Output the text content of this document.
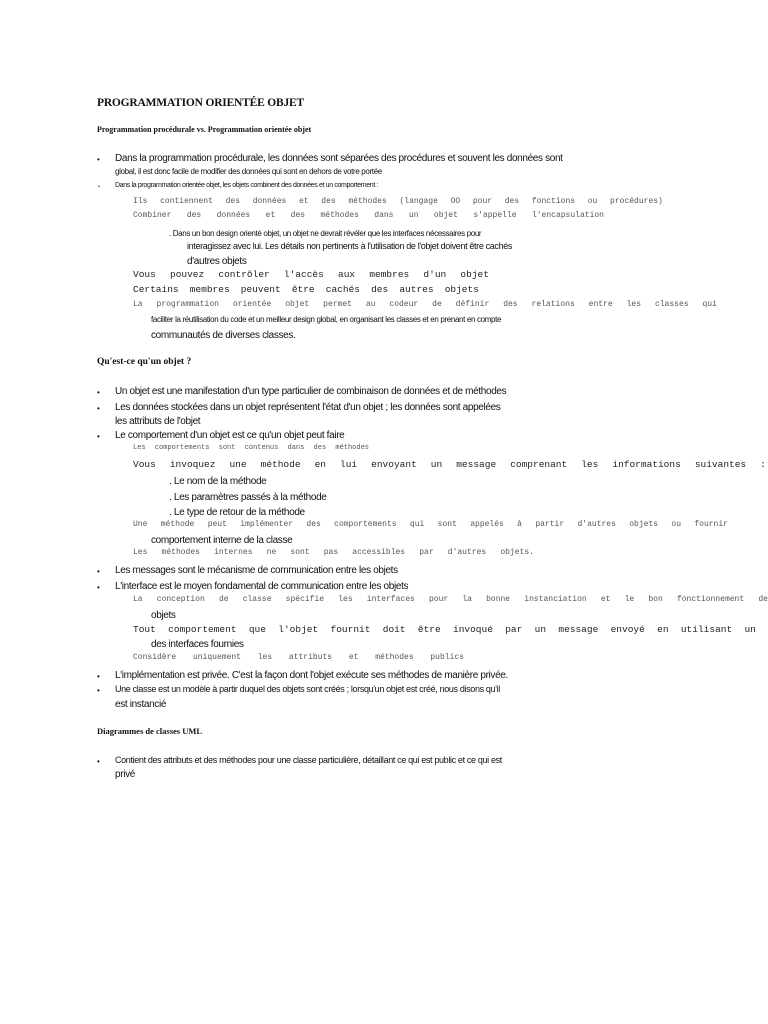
PROGRAMMATION ORIENTÉE OBJET
Programmation procédurale vs. Programmation orientée objet
• Dans la programmation procédurale, les données sont séparées des procédures et souvent les données sont
global, il est donc facile de modifier des données qui sont en dehors de votre portée
• Dans la programmation orientée objet, les objets combinent des données et un comportement :
Ils contiennent des données et des méthodes (langage OO pour des fonctions ou procédures)
Combiner des données et des méthodes dans un objet s'appelle l'encapsulation
. Dans un bon design orienté objet, un objet ne devrait révéler que les interfaces nécessaires pour
interagissez avec lui. Les détails non pertinents à l'utilisation de l'objet doivent être cachés
d'autres objets
Vous pouvez contrôler l'accès aux membres d'un objet
Certains membres peuvent être cachés des autres objets
La programmation orientée objet permet au codeur de définir des relations entre les classes qui
faciliter la réutilisation du code et un meilleur design global, en organisant les classes et en prenant en compte
communautés de diverses classes.
Qu'est-ce qu'un objet ?
• Un objet est une manifestation d'un type particulier de combinaison de données et de méthodes
• Les données stockées dans un objet représentent l'état d'un objet ; les données sont appelées
les attributs de l'objet
• Le comportement d'un objet est ce qu'un objet peut faire
Les comportements sont contenus dans des méthodes
Vous invoquez une méthode en lui envoyant un message comprenant les informations suivantes :
. Le nom de la méthode
. Les paramètres passés à la méthode
. Le type de retour de la méthode
Une méthode peut implémenter des comportements qui sont appelés à partir d'autres objets ou fournir
comportement interne de la classe
Les méthodes internes ne sont pas accessibles par d'autres objets.
• Les messages sont le mécanisme de communication entre les objets
• L'interface est le moyen fondamental de communication entre les objets
La conception de classe spécifie les interfaces pour la bonne instanciation et le bon fonctionnement de
objets
Tout comportement que l'objet fournit doit être invoqué par un message envoyé en utilisant un
des interfaces fournies
Considère uniquement les attributs et méthodes publics
• L'implémentation est privée. C'est la façon dont l'objet exécute ses méthodes de manière privée.
• Une classe est un modèle à partir duquel des objets sont créés ; lorsqu'un objet est créé, nous disons qu'il
est instancié
Diagrammes de classes UML
• Contient des attributs et des méthodes pour une classe particulière, détaillant ce qui est public et ce qui est
privé
